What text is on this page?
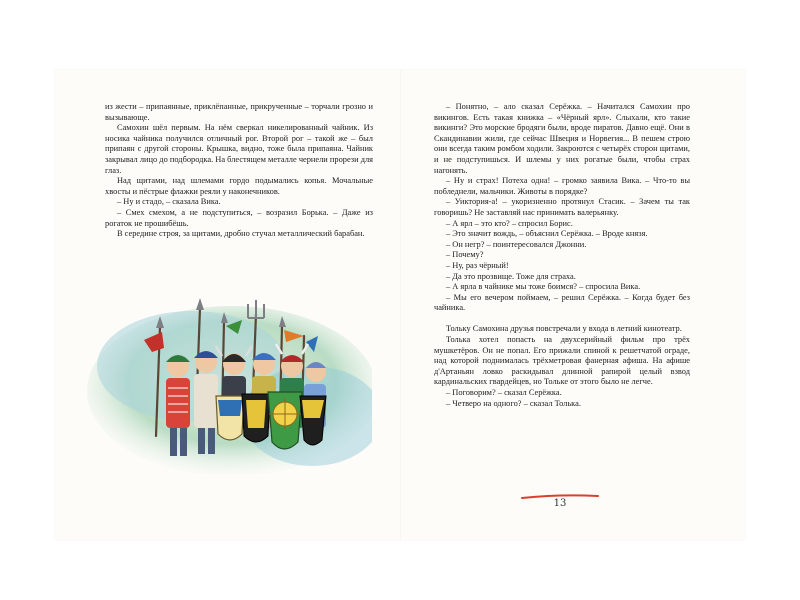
из жести – припаянные, приклёпанные, прикрученные – торчали грозно и вызывающе.

Самохин шёл первым. На нём сверкал никелированный чайник. Из носика чайника получился отличный рог. Второй рог – такой же – был припаян с другой стороны. Крышка, видно, тоже была припаяна. Чайник закрывал лицо до подбородка. На блестящем металле чернели прорези для глаз.

Над щитами, над шлемами гордо подымались копья. Мочальные хвосты и пёстрые флажки реяли у наконечников.

– Ну и стадо, – сказала Вика.

– Смех смехом, а не подступиться, – возразил Борька. – Даже из рогаток не прошибёшь.

В середине строя, за щитами, дробно стучал металлический барабан.

– Понятно, – ало сказал Серёжка. – Начитался Самохин про викингов. Есть такая книжка – «Чёрный ярл». Слыхали, кто такие викинги? Это морские бродяги были, вроде пиратов. Давно ещё. Они в Скандинавии жили, где сейчас Швеция и Норвегия... В пешем строю они всегда таким ромбом ходили. Закроются с четырёх сторон щитами, и не подступишься. И шлемы у них рогатые были, чтобы страх нагонять.

– Ну и страх! Потеха одна! – громко заявила Вика. – Что-то вы побледнели, мальчики. Животы в порядке?

– Уиктория-а! – укоризненно протянул Стасик. – Зачем ты так говоришь? Не заставляй нас принимать валерьянку.

– А ярл – это кто? – спросил Борис.

– Это значит вождь, – объяснил Серёжка. – Вроде князя.

– Он негр? – поинтересовался Джонни.

– Почему?

– Ну, раз чёрный!

– Да это прозвище. Тоже для страха.

– А ярла в чайнике мы тоже боимся? – спросила Вика.

– Мы его вечером поймаем, – решил Серёжка. – Когда будет без чайника.

Тольку Самохина друзья повстречали у входа в летний кинотеатр.

Толька хотел попасть на двухсерийный фильм про трёх мушкетёров. Он не попал. Его прижали спиной к решетчатой ограде, над которой поднималась трёхметровая фанерная афиша. На афише д'Артаньян ловко раскидывал длинной рапирой целый взвод кардинальских гвардейцев, но Тольке от этого было не легче.

– Поговорим? – сказал Серёжка.

– Четверо на одного? – сказал Толька.

13
